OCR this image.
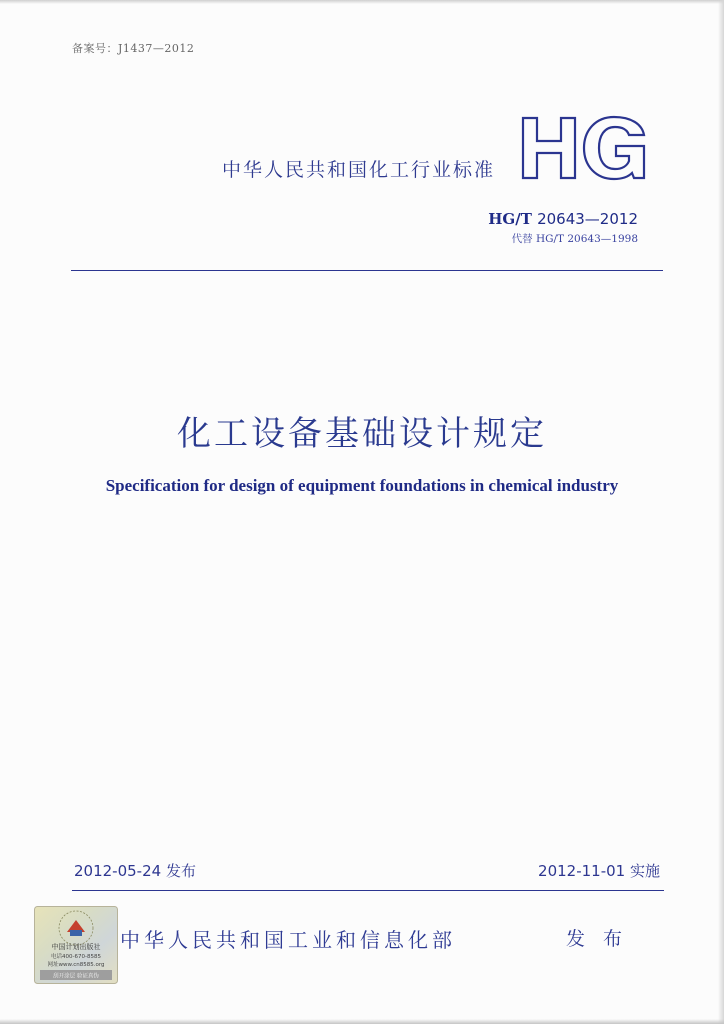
备案号：J1437—2012
中华人民共和国化工行业标准
HG/T 20643—2012
代替 HG/T 20643—1998
化工设备基础设计规定
Specification for design of equipment foundations in chemical industry
2012-05-24 发布	2012-11-01 实施
中国计划出版社
电话400-670-8585
网址www.cn8585.org
刮开涂层 验证真伪
中华人民共和国工业和信息化部	发 布
